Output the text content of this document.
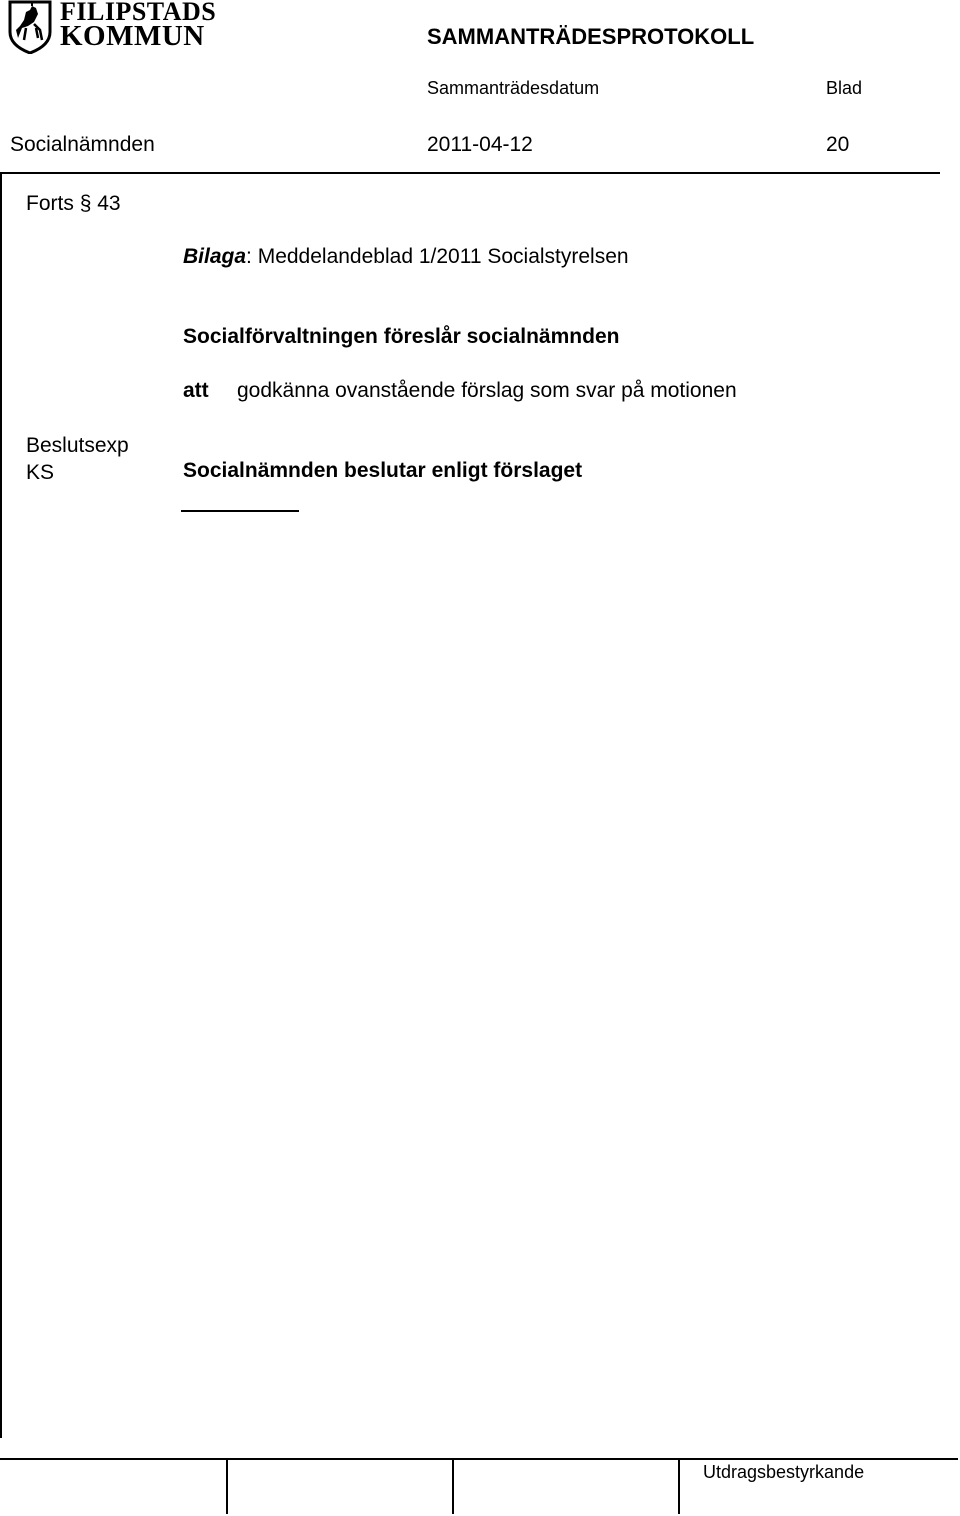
FILIPSTADS
KOMMUN	SAMMANTRÄDESPROTOKOLL
Sammanträdesdatum	Blad
Socialnämnden	2011-04-12	20
Forts § 43
Bilaga: Meddelandeblad 1/2011 Socialstyrelsen
Socialförvaltningen föreslår socialnämnden
att godkänna ovanstående förslag som svar på motionen
Beslutsexp
KS	Socialnämnden beslutar enligt förslaget
Utdragsbestyrkande
